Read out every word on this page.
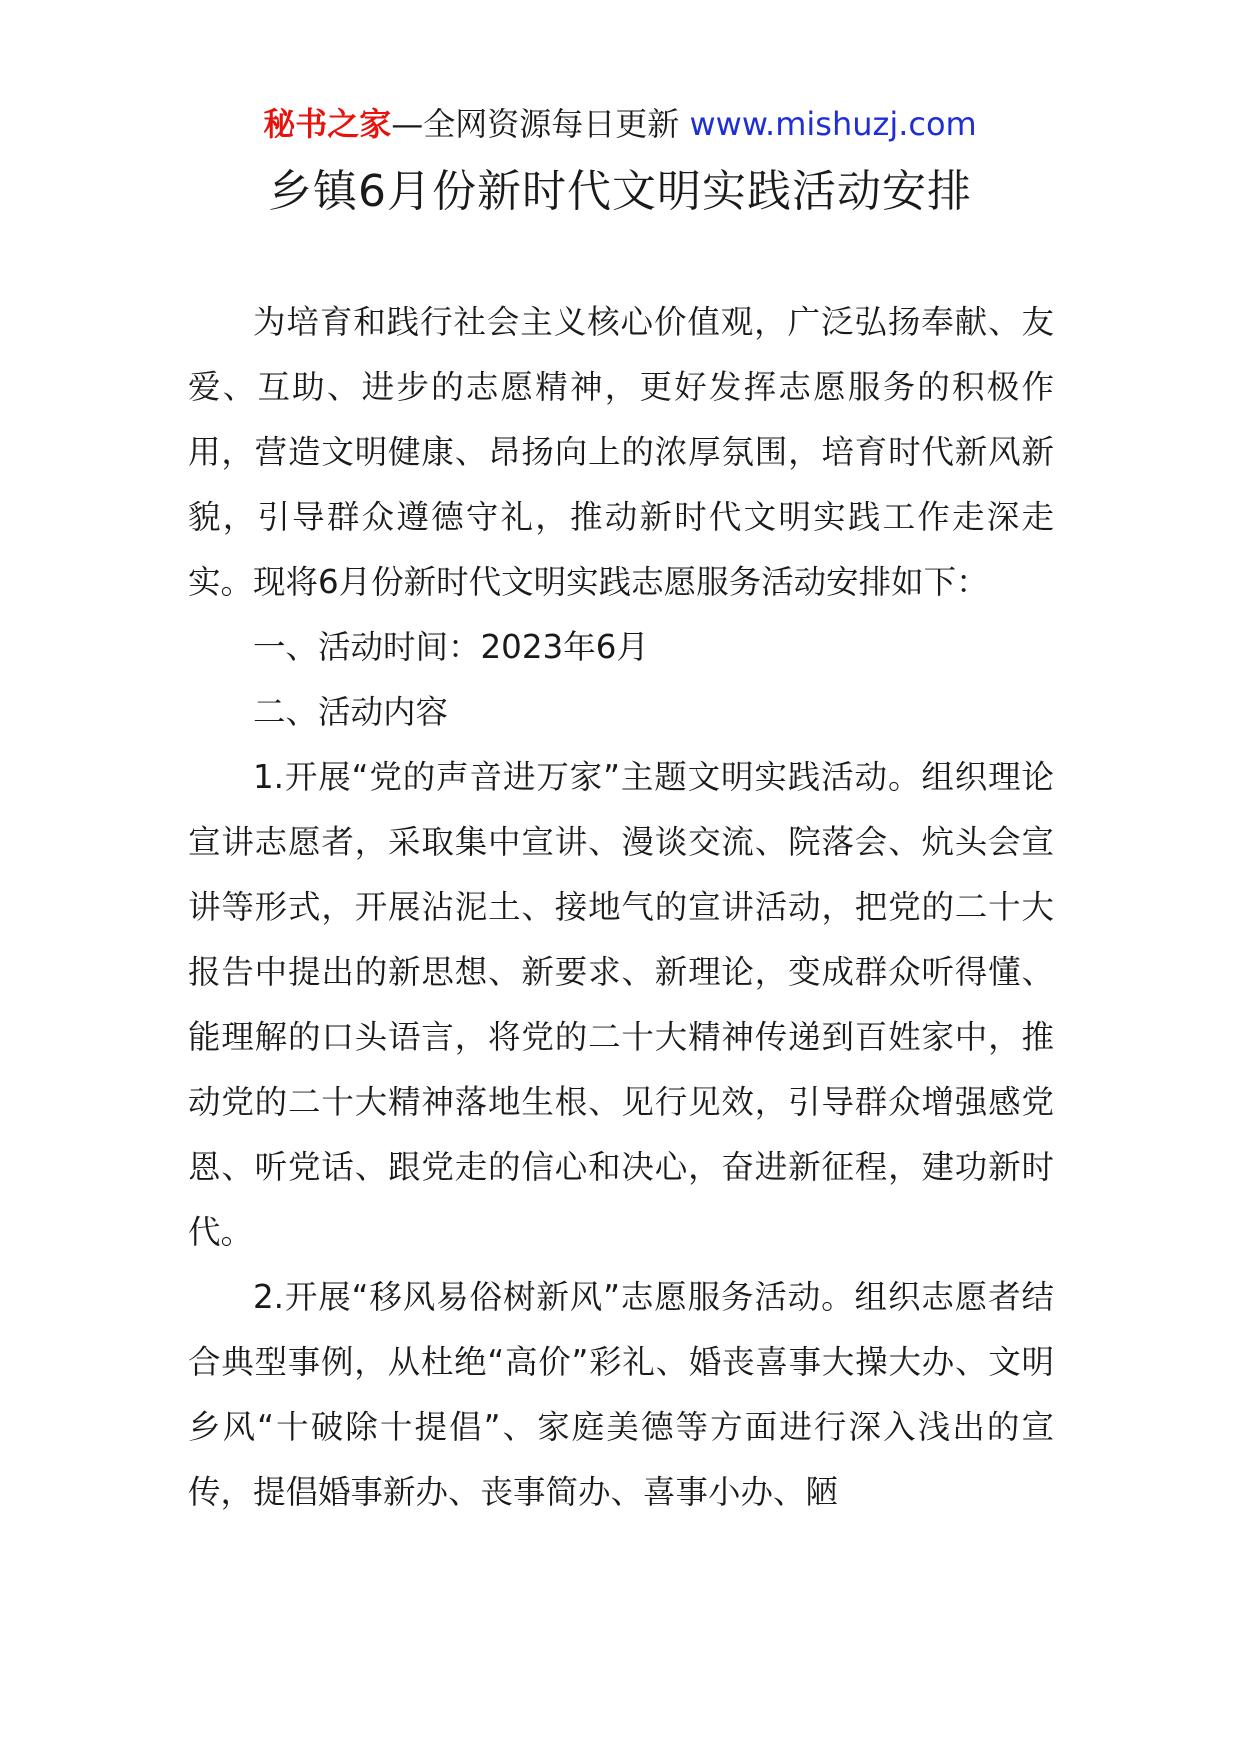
秘书之家—全网资源每日更新 www.mishuzj.com
乡镇6月份新时代文明实践活动安排

为培育和践行社会主义核心价值观，广泛弘扬奉献、友爱、互助、进步的志愿精神，更好发挥志愿服务的积极作用，营造文明健康、昂扬向上的浓厚氛围，培育时代新风新貌，引导群众遵德守礼，推动新时代文明实践工作走深走实。现将6月份新时代文明实践志愿服务活动安排如下：

一、活动时间：2023年6月

二、活动内容

1.开展“党的声音进万家”主题文明实践活动。组织理论宣讲志愿者，采取集中宣讲、漫谈交流、院落会、炕头会宣讲等形式，开展沾泥土、接地气的宣讲活动，把党的二十大报告中提出的新思想、新要求、新理论，变成群众听得懂、能理解的口头语言，将党的二十大精神传递到百姓家中，推动党的二十大精神落地生根、见行见效，引导群众增强感党恩、听党话、跟党走的信心和决心，奋进新征程，建功新时代。

2.开展“移风易俗树新风”志愿服务活动。组织志愿者结合典型事例，从杜绝“高价”彩礼、婚丧喜事大操大办、文明乡风“十破除十提倡”、家庭美德等方面进行深入浅出的宣传，提倡婚事新办、丧事简办、喜事小办、陋
